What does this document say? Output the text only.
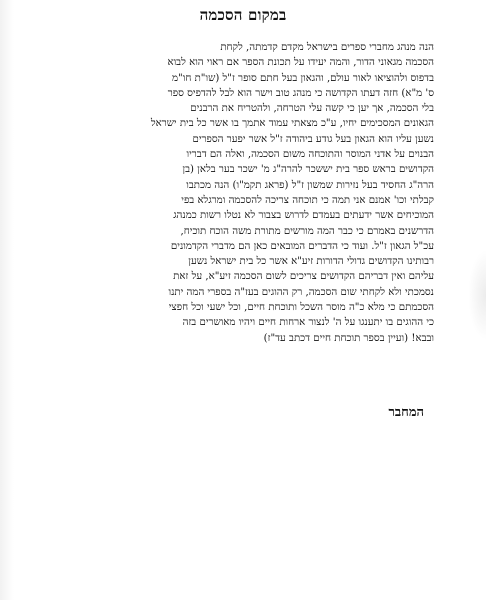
במקום הסכמה
הנה מנהג מחברי ספרים בישראל מקדם קדמתה, לקחת
הסכמה מגאוני הדור, והמה יעידו על תכונת הספר אם ראוי הוא לבוא
בדפוס ולהוציאו לאור עולם, והגאון בעל חתם סופר ז"ל (שו"ת חו"מ
ס' מ"א) חזה דעתו הקדושה כי מנהג טוב וישר הוא לבל להדפיס ספר
בלי הסכמה, אך יען כי קשה עלי הטרחה, ולהטריח את הרבנים
הגאונים המסכימים יחיו, ע"כ מצאתי עמוד אתמך בו אשר כל בית ישראל
נשען עליו הוא הגאון בעל גודע ביהודה ז"ל אשר יפער הספרים
הבנוים על אדני המוסר והתוכחה משום הסכמה, ואלה הם דבריו
הקדושים בראש ספר בית יששכר להרה"ג מ' ישכר בער בלאן (בן
הרה"ג החסיד בעל נזירות שמשון ז"ל (פראג תקמ"ו) הנה מכתבו
קבלתי וכו' אמנם אני תמה כי תוכחה צריכה להסכמה ומרגלא בפי
המוכיחים אשר ידעתים בעמדם לדרוש בצבור לא נטלו רשות כמנהג
הדרשנים באמרם כי כבר המה מורשים מתורת משה הוכח תוכיח,
עכ"ל הגאון ז"ל. ועוד כי הדברים המובאים כאן הם מדברי הקדמונים
רבותינו הקדושים גדולי הדורות זיע"א אשר כל בית ישראל נשען
עליהם ואין דבריהם הקדושים צריכים לשום הסכמה זיע"א, על זאת
נסמכתי ולא לקחתי שום הסכמה, רק ההוגים בעז"ה בספרי המה יתנו
הסכמתם כי מלא כ"ה מוסר השכל ותוכחת חיים, וכל ישעי וכל חפצי
כי ההוגים בו יתענגו על ה' לנצור ארחות חיים ויהיו מאושרים בזה
ובבא! (ועיין בספר תוכחת חיים דכתב עד"ז)
המחבר
